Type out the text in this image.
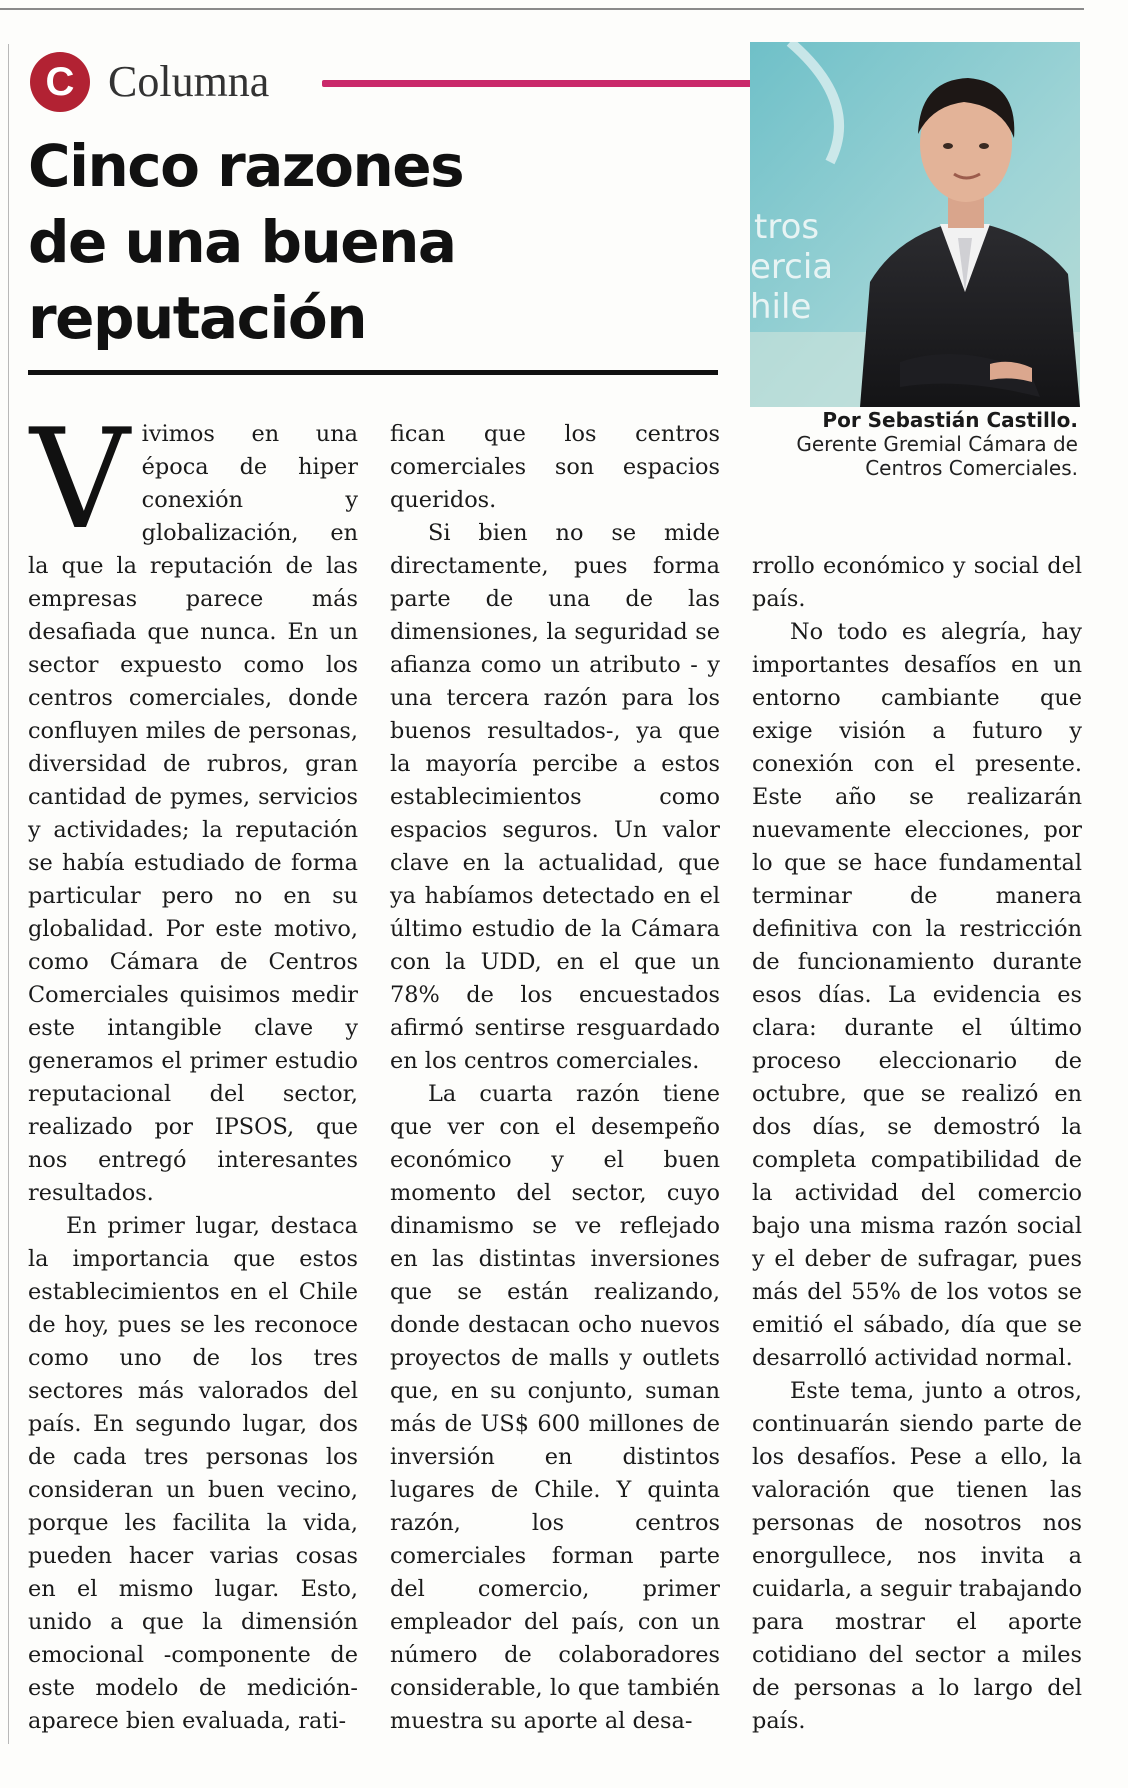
C Columna
Cinco razones
de una buena
reputación
tros
ercia
hile
Por Sebastián Castillo.
Gerente Gremial Cámara de
Centros Comerciales.

Vivimos en una época de hiper conexión y globalización, en la que la reputación de las empresas parece más desafiada que nunca. En un sector expuesto como los centros comerciales, donde confluyen miles de personas, diversidad de rubros, gran cantidad de pymes, servicios y actividades; la reputación se había estudiado de forma particular pero no en su globalidad. Por este motivo, como Cámara de Centros Comerciales quisimos medir este intangible clave y generamos el primer estudio reputacional del sector, realizado por IPSOS, que nos entregó interesantes resultados.

En primer lugar, destaca la importancia que estos establecimientos en el Chile de hoy, pues se les reconoce como uno de los tres sectores más valorados del país. En segundo lugar, dos de cada tres personas los consideran un buen vecino, porque les facilita la vida, pueden hacer varias cosas en el mismo lugar. Esto, unido a que la dimensión emocional -componente de este modelo de medición- aparece bien evaluada, rati-

fican que los centros comerciales son espacios queridos.

Si bien no se mide directamente, pues forma parte de una de las dimensiones, la seguridad se afianza como un atributo - y una tercera razón para los buenos resultados-, ya que la mayoría percibe a estos establecimientos como espacios seguros. Un valor clave en la actualidad, que ya habíamos detectado en el último estudio de la Cámara con la UDD, en el que un 78% de los encuestados afirmó sentirse resguardado en los centros comerciales.

La cuarta razón tiene que ver con el desempeño económico y el buen momento del sector, cuyo dinamismo se ve reflejado en las distintas inversiones que se están realizando, donde destacan ocho nuevos proyectos de malls y outlets que, en su conjunto, suman más de US$ 600 millones de inversión en distintos lugares de Chile. Y quinta razón, los centros comerciales forman parte del comercio, primer empleador del país, con un número de colaboradores considerable, lo que también muestra su aporte al desa-

rrollo económico y social del país.

No todo es alegría, hay importantes desafíos en un entorno cambiante que exige visión a futuro y conexión con el presente. Este año se realizarán nuevamente elecciones, por lo que se hace fundamental terminar de manera definitiva con la restricción de funcionamiento durante esos días. La evidencia es clara: durante el último proceso eleccionario de octubre, que se realizó en dos días, se demostró la completa compatibilidad de la actividad del comercio bajo una misma razón social y el deber de sufragar, pues más del 55% de los votos se emitió el sábado, día que se desarrolló actividad normal.

Este tema, junto a otros, continuarán siendo parte de los desafíos. Pese a ello, la valoración que tienen las personas de nosotros nos enorgullece, nos invita a cuidarla, a seguir trabajando para mostrar el aporte cotidiano del sector a miles de personas a lo largo del país.
